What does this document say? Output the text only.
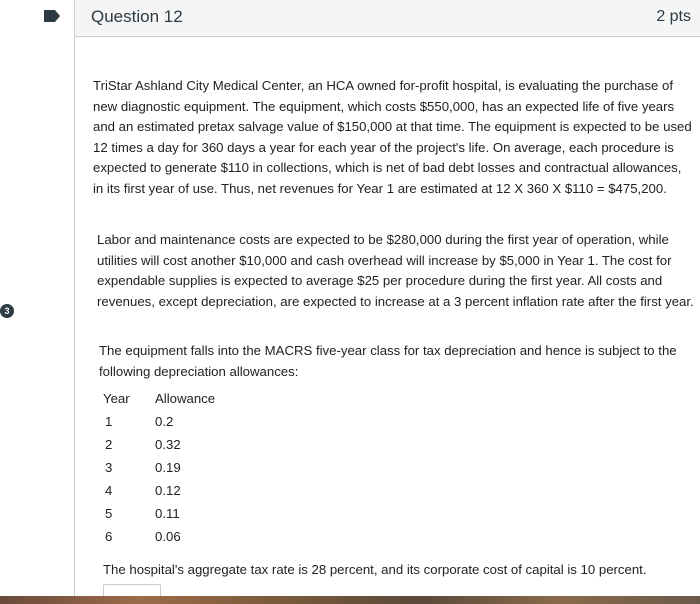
3
Question 12	2 pts
TriStar Ashland City Medical Center, an HCA owned for-profit hospital, is evaluating the purchase of new diagnostic equipment. The equipment, which costs $550,000, has an expected life of five years and an estimated pretax salvage value of $150,000 at that time. The equipment is expected to be used 12 times a day for 360 days a year for each year of the project's life. On average, each procedure is expected to generate $110 in collections, which is net of bad debt losses and contractual allowances, in its first year of use. Thus, net revenues for Year 1 are estimated at 12 X 360 X $110 = $475,200.
Labor and maintenance costs are expected to be $280,000 during the first year of operation, while utilities will cost another $10,000 and cash overhead will increase by $5,000 in Year 1. The cost for expendable supplies is expected to average $25 per procedure during the first year. All costs and revenues, except depreciation, are expected to increase at a 3 percent inflation rate after the first year.
The equipment falls into the MACRS five-year class for tax depreciation and hence is subject to the following depreciation allowances:
Year	Allowance
1	0.2
2	0.32
3	0.19
4	0.12
5	0.11
6	0.06
The hospital's aggregate tax rate is 28 percent, and its corporate cost of capital is 10 percent.
